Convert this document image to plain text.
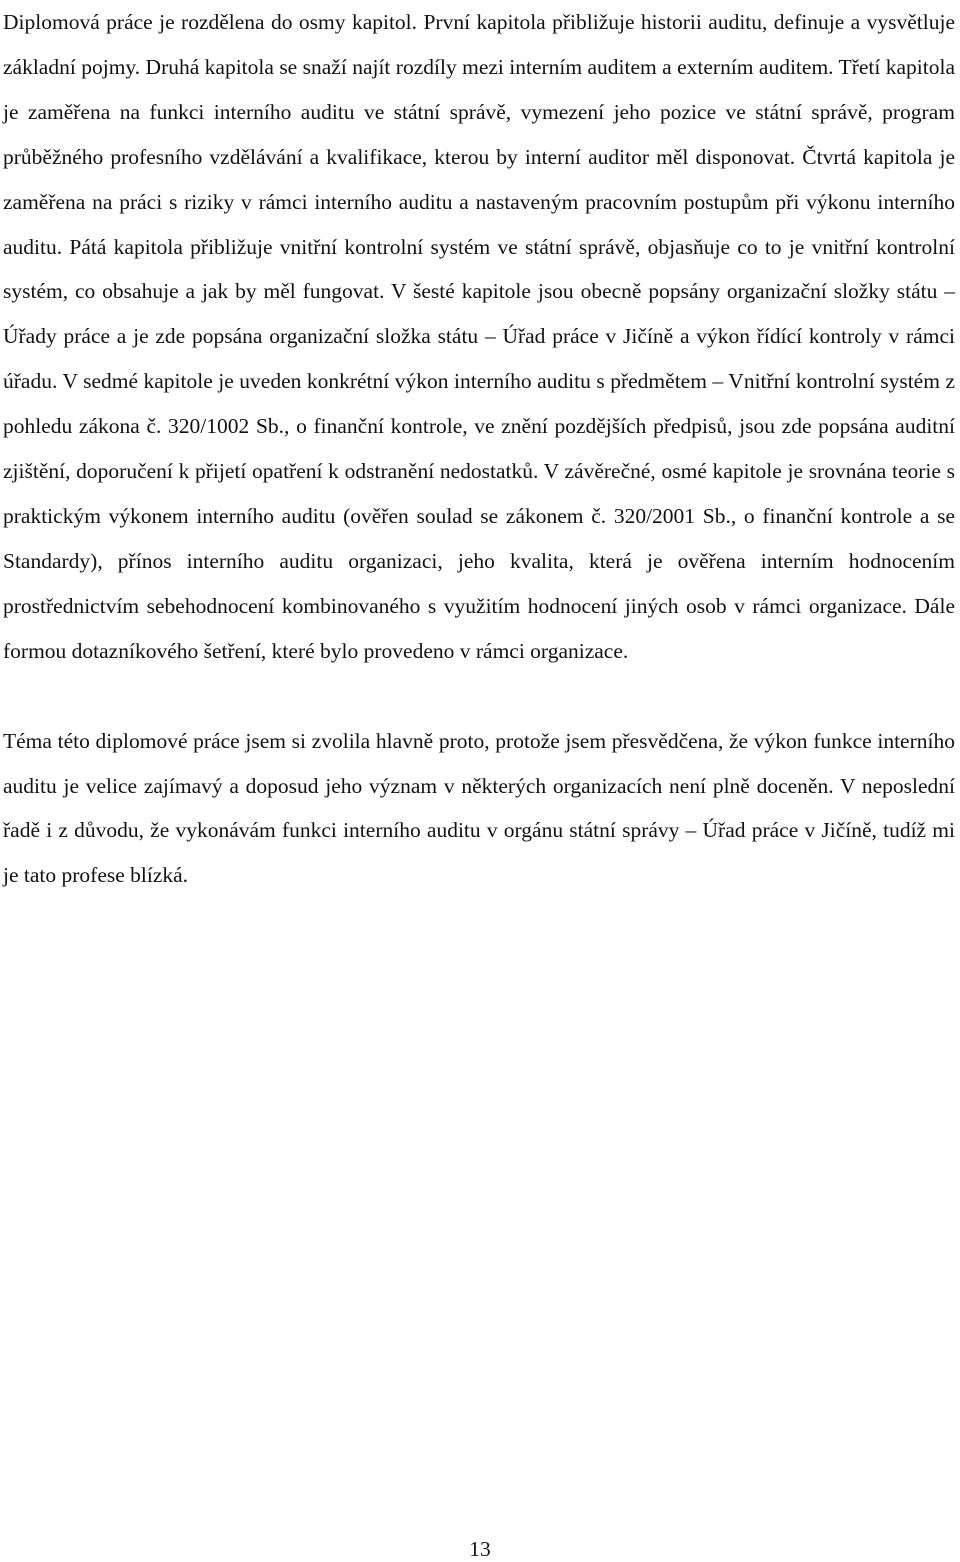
Diplomová práce je rozdělena do osmy kapitol. První kapitola přibližuje historii auditu, definuje a vysvětluje základní pojmy. Druhá kapitola se snaží najít rozdíly mezi interním auditem a externím auditem. Třetí kapitola je zaměřena na funkci interního auditu ve státní správě, vymezení jeho pozice ve státní správě, program průběžného profesního vzdělávání a kvalifikace, kterou by interní auditor měl disponovat. Čtvrtá kapitola je zaměřena na práci s riziky v rámci interního auditu a nastaveným pracovním postupům při výkonu interního auditu. Pátá kapitola přibližuje vnitřní kontrolní systém ve státní správě, objasňuje co to je vnitřní kontrolní systém, co obsahuje a jak by měl fungovat. V šesté kapitole jsou obecně popsány organizační složky státu – Úřady práce a je zde popsána organizační složka státu – Úřad práce v Jičíně a výkon řídící kontroly v rámci úřadu. V sedmé kapitole je uveden konkrétní výkon interního auditu s předmětem – Vnitřní kontrolní systém z pohledu zákona č. 320/1002 Sb., o finanční kontrole, ve znění pozdějších předpisů, jsou zde popsána auditní zjištění, doporučení k přijetí opatření k odstranění nedostatků. V závěrečné, osmé kapitole je srovnána teorie s praktickým výkonem interního auditu (ověřen soulad se zákonem č. 320/2001 Sb., o finanční kontrole a se Standardy), přínos interního auditu organizaci, jeho kvalita, která je ověřena interním hodnocením prostřednictvím sebehodnocení kombinovaného s využitím hodnocení jiných osob v rámci organizace. Dále formou dotazníkového šetření, které bylo provedeno v rámci organizace.

Téma této diplomové práce jsem si zvolila hlavně proto, protože jsem přesvědčena, že výkon funkce interního auditu je velice zajímavý a doposud jeho význam v některých organizacích není plně doceněn. V neposlední řadě i z důvodu, že vykonávám funkci interního auditu v orgánu státní správy – Úřad práce v Jičíně, tudíž mi je tato profese blízká.

13
